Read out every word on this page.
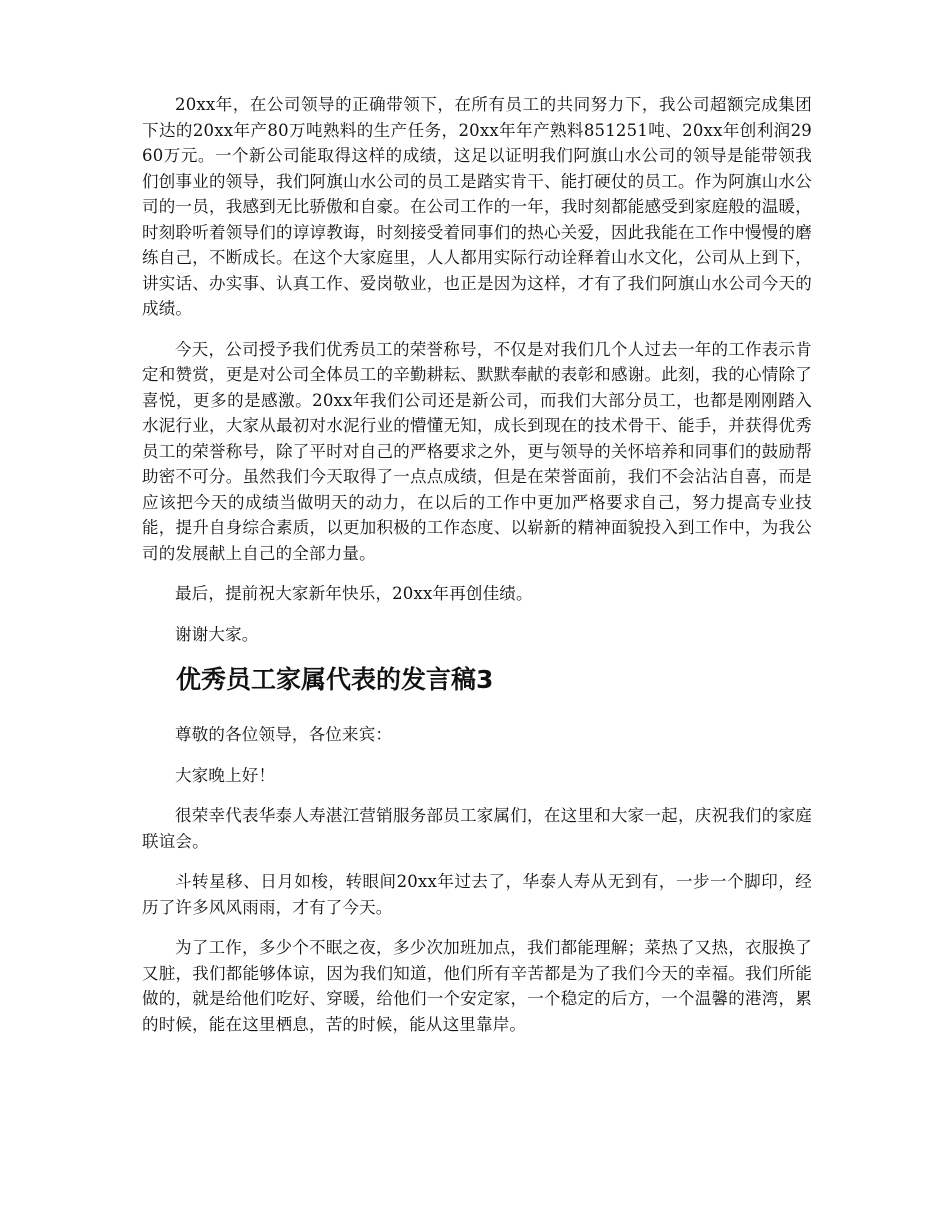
20xx年，在公司领导的正确带领下，在所有员工的共同努力下，我公司超额完成集团下达的20xx年产80万吨熟料的生产任务，20xx年年产熟料851251吨、20xx年创利润2960万元。一个新公司能取得这样的成绩，这足以证明我们阿旗山水公司的领导是能带领我们创事业的领导，我们阿旗山水公司的员工是踏实肯干、能打硬仗的员工。作为阿旗山水公司的一员，我感到无比骄傲和自豪。在公司工作的一年，我时刻都能感受到家庭般的温暖，时刻聆听着领导们的谆谆教诲，时刻接受着同事们的热心关爱，因此我能在工作中慢慢的磨练自己，不断成长。在这个大家庭里，人人都用实际行动诠释着山水文化，公司从上到下，讲实话、办实事、认真工作、爱岗敬业，也正是因为这样，才有了我们阿旗山水公司今天的成绩。

今天，公司授予我们优秀员工的荣誉称号，不仅是对我们几个人过去一年的工作表示肯定和赞赏，更是对公司全体员工的辛勤耕耘、默默奉献的表彰和感谢。此刻，我的心情除了喜悦，更多的是感激。20xx年我们公司还是新公司，而我们大部分员工，也都是刚刚踏入水泥行业，大家从最初对水泥行业的懵懂无知，成长到现在的技术骨干、能手，并获得优秀员工的荣誉称号，除了平时对自己的严格要求之外，更与领导的关怀培养和同事们的鼓励帮助密不可分。虽然我们今天取得了一点点成绩，但是在荣誉面前，我们不会沾沾自喜，而是应该把今天的成绩当做明天的动力，在以后的工作中更加严格要求自己，努力提高专业技能，提升自身综合素质，以更加积极的工作态度、以崭新的精神面貌投入到工作中，为我公司的发展献上自己的全部力量。

最后，提前祝大家新年快乐，20xx年再创佳绩。

谢谢大家。

优秀员工家属代表的发言稿3

尊敬的各位领导，各位来宾：

大家晚上好！

很荣幸代表华泰人寿湛江营销服务部员工家属们，在这里和大家一起，庆祝我们的家庭联谊会。

斗转星移、日月如梭，转眼间20xx年过去了，华泰人寿从无到有，一步一个脚印，经历了许多风风雨雨，才有了今天。

为了工作，多少个不眠之夜，多少次加班加点，我们都能理解；菜热了又热，衣服换了又脏，我们都能够体谅，因为我们知道，他们所有辛苦都是为了我们今天的幸福。我们所能做的，就是给他们吃好、穿暖，给他们一个安定家，一个稳定的后方，一个温馨的港湾，累的时候，能在这里栖息，苦的时候，能从这里靠岸。
